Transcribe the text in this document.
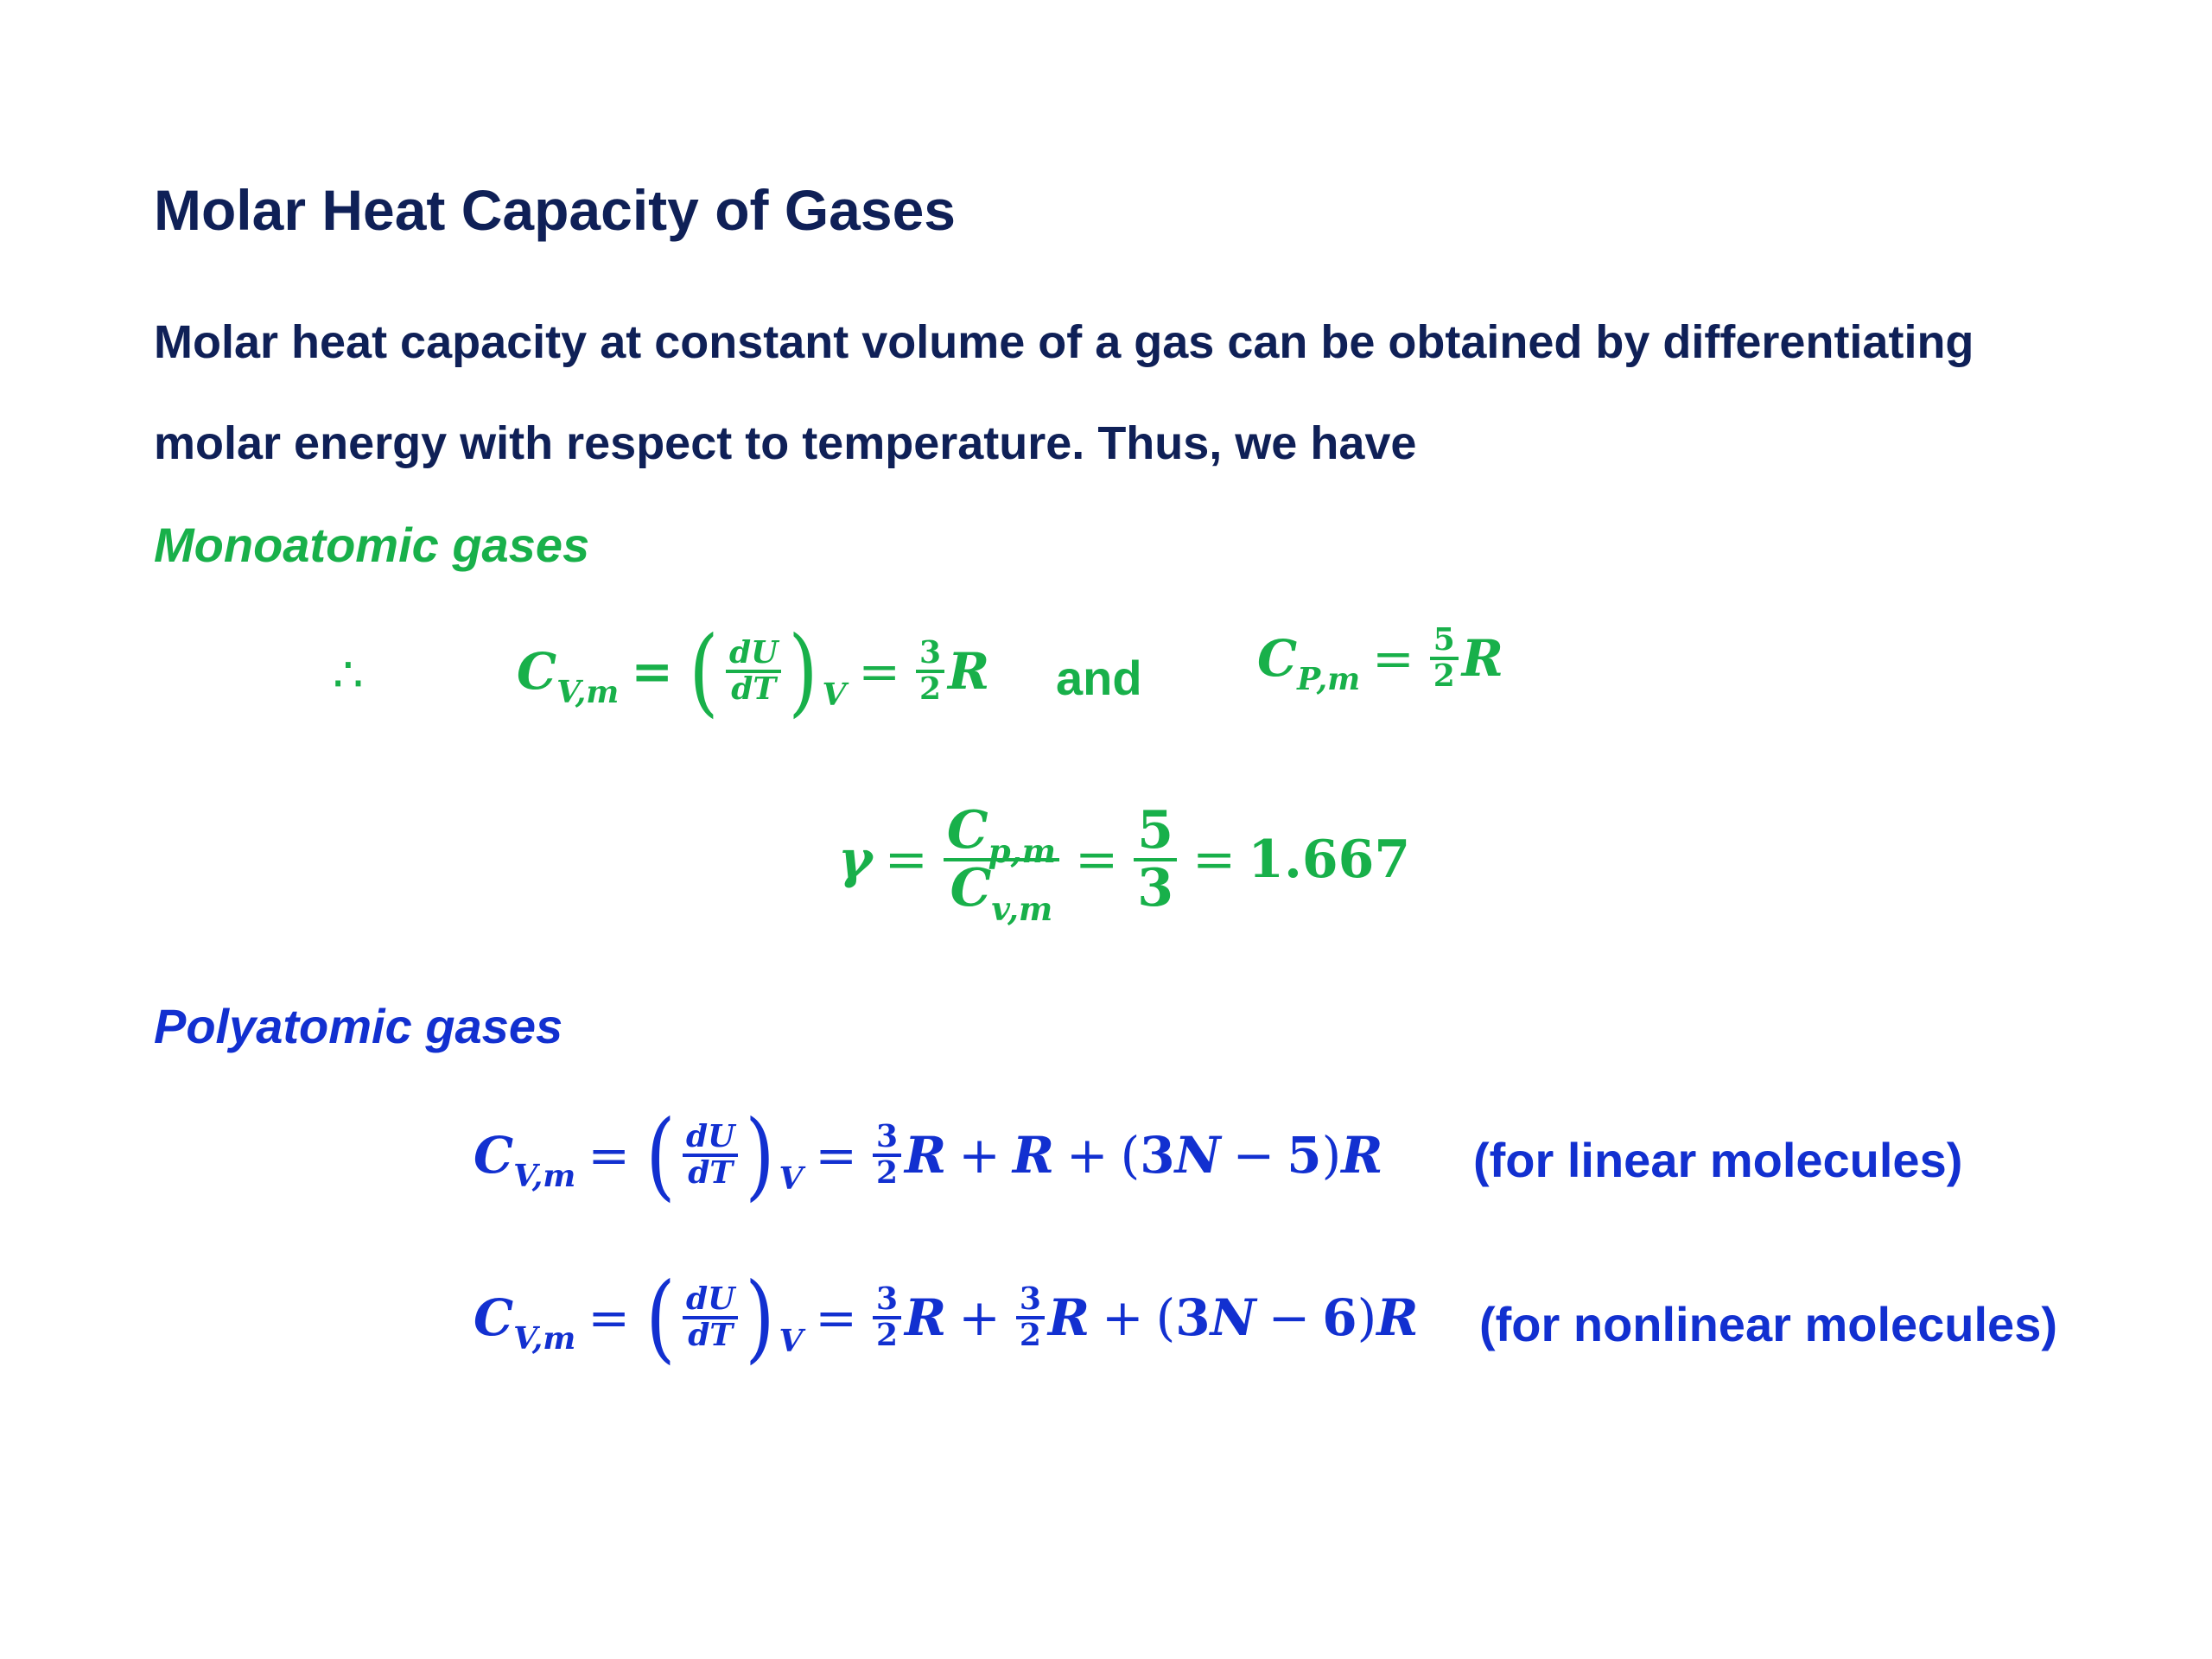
Molar Heat Capacity of Gases
Molar heat capacity at constant volume of a gas can be obtained by differentiating
molar energy with respect to temperature. Thus, we have
Monoatomic gases
∴	$C_{V,m}$ = ( $\frac{dU}{dT}$ ) $V = \frac{3}{2}$ R and $C_{P,m} = \frac{5}{2}$ R
$\gamma = \frac{C_{p,m}}{C_{v,m}} = \frac{5}{3} = 1.667$
Polyatomic gases
$C_{V,m}$ = ( $\frac{dU}{dT}$ ) $V = \frac{3}{2}$ R + R + (3N − 5)R (for linear molecules)
$C_{V,m}$ = ( $\frac{dU}{dT}$ ) $V = \frac{3}{2}$ $R + \frac{3}{2}$ R + (3N − 6)R (for nonlinear molecules)
